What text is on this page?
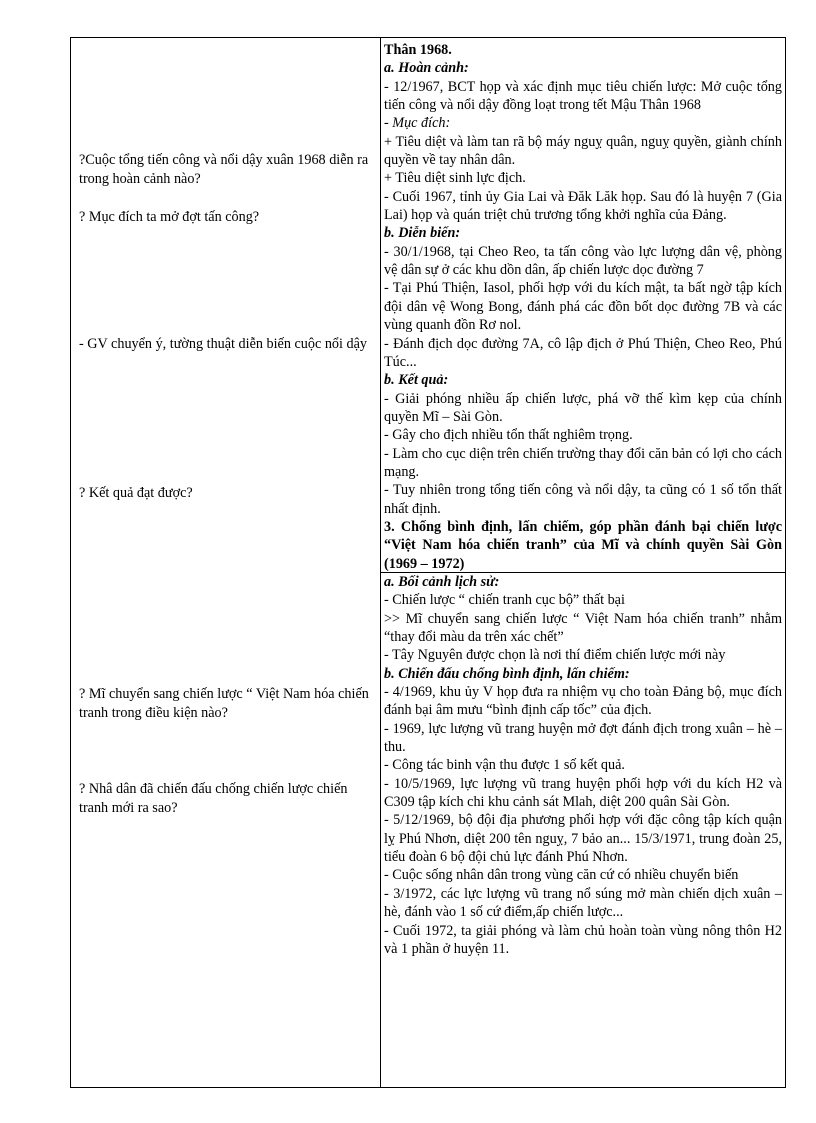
?Cuộc tổng tiến công và nổi dậy xuân 1968 diễn ra trong hoàn cảnh nào?
? Mục đích ta mở đợt tấn công?
- GV chuyển ý, tường thuật diễn biến cuộc nổi dậy
? Kết quả đạt được?
? Mĩ chuyển sang chiến lược “ Việt Nam hóa chiến tranh trong điều kiện nào?
? Nhâ dân đã chiến đấu chống chiến lược chiến tranh mới ra sao?
Thân 1968.
a. Hoàn cảnh:
- 12/1967, BCT họp và xác định mục tiêu chiến lược: Mở cuộc tổng tiến công và nổi dậy đồng loạt trong tết Mậu Thân 1968
- Mục đích:
+ Tiêu diệt và làm tan rã bộ máy nguỵ quân, nguỵ quyền, giành chính quyền về tay nhân dân.
+ Tiêu diệt sinh lực địch.
- Cuối 1967, tỉnh ủy Gia Lai và Đăk Lăk họp. Sau đó là huyện 7 (Gia Lai) họp và quán triệt chủ trương tổng khởi nghĩa của Đảng.
b. Diễn biến:
- 30/1/1968, tại Cheo Reo, ta tấn công vào lực lượng dân vệ, phòng vệ dân sự ở các khu dồn dân, ấp chiến lược dọc đường 7
- Tại Phú Thiện, Iasol, phối hợp với du kích mật, ta bất ngờ tập kích đội dân vệ Wong Bong, đánh phá các đồn bốt dọc đường 7B và các vùng quanh đồn Rơ nol.
- Đánh địch dọc đường 7A, cô lập địch ở Phú Thiện, Cheo Reo, Phú Túc...
b. Kết quả:
- Giải phóng nhiều ấp chiến lược, phá vỡ thế kìm kẹp của chính quyền Mĩ – Sài Gòn.
- Gây cho địch nhiều tổn thất nghiêm trọng.
- Làm cho cục diện trên chiến trường thay đổi căn bản có lợi cho cách mạng.
- Tuy nhiên trong tổng tiến công và nổi dậy, ta cũng có 1 số tổn thất nhất định.
3. Chống bình định, lấn chiếm, góp phần đánh bại chiến lược “Việt Nam hóa chiến tranh” của Mĩ và chính quyền Sài Gòn (1969 – 1972)
a. Bối cảnh lịch sử:
- Chiến lược “ chiến tranh cục bộ” thất bại
>> Mĩ chuyển sang chiến lược “ Việt Nam hóa chiến tranh” nhằm “thay đổi màu da trên xác chết”
- Tây Nguyên được chọn là nơi thí điểm chiến lược mới này
b. Chiến đấu chống bình định, lấn chiếm:
- 4/1969, khu ủy V họp đưa ra nhiệm vụ cho toàn Đảng bộ, mục đích đánh bại âm mưu “bình định cấp tốc” của địch.
- 1969, lực lượng vũ trang huyện mở đợt đánh địch trong xuân – hè – thu.
- Công tác binh vận thu được 1 số kết quả.
- 10/5/1969, lực lượng vũ trang huyện phối hợp với du kích H2 và C309 tập kích chi khu cảnh sát Mlah, diệt 200 quân Sài Gòn.
- 5/12/1969, bộ đội địa phương phối hợp với đặc công tập kích quận lỵ Phú Nhơn, diệt 200 tên nguỵ, 7 bảo an... 15/3/1971, trung đoàn 25, tiểu đoàn 6 bộ đội chủ lực đánh Phú Nhơn.
- Cuộc sống nhân dân trong vùng căn cứ có nhiều chuyển biến
- 3/1972, các lực lượng vũ trang nổ súng mở màn chiến dịch xuân – hè, đánh vào 1 số cứ điểm,ấp chiến lược...
- Cuối 1972, ta giải phóng và làm chủ hoàn toàn vùng nông thôn H2 và 1 phần ở huyện 11.
